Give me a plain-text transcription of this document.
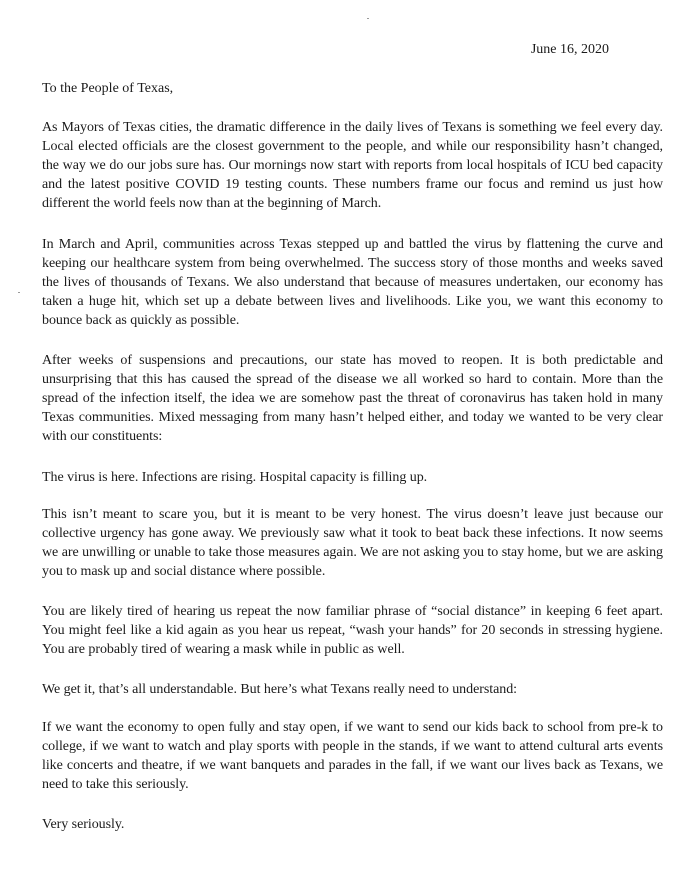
June 16, 2020

To the People of Texas,

As Mayors of Texas cities, the dramatic difference in the daily lives of Texans is something we feel every day. Local elected officials are the closest government to the people, and while our responsibility hasn’t changed, the way we do our jobs sure has. Our mornings now start with reports from local hospitals of ICU bed capacity and the latest positive COVID 19 testing counts. These numbers frame our focus and remind us just how different the world feels now than at the beginning of March.

In March and April, communities across Texas stepped up and battled the virus by flattening the curve and keeping our healthcare system from being overwhelmed. The success story of those months and weeks saved the lives of thousands of Texans. We also understand that because of measures undertaken, our economy has taken a huge hit, which set up a debate between lives and livelihoods. Like you, we want this economy to bounce back as quickly as possible.

After weeks of suspensions and precautions, our state has moved to reopen. It is both predictable and unsurprising that this has caused the spread of the disease we all worked so hard to contain. More than the spread of the infection itself, the idea we are somehow past the threat of coronavirus has taken hold in many Texas communities. Mixed messaging from many hasn’t helped either, and today we wanted to be very clear with our constituents:

The virus is here. Infections are rising. Hospital capacity is filling up.

This isn’t meant to scare you, but it is meant to be very honest. The virus doesn’t leave just because our collective urgency has gone away. We previously saw what it took to beat back these infections. It now seems we are unwilling or unable to take those measures again. We are not asking you to stay home, but we are asking you to mask up and social distance where possible.

You are likely tired of hearing us repeat the now familiar phrase of “social distance” in keeping 6 feet apart. You might feel like a kid again as you hear us repeat, “wash your hands” for 20 seconds in stressing hygiene. You are probably tired of wearing a mask while in public as well.

We get it, that’s all understandable. But here’s what Texans really need to understand:

If we want the economy to open fully and stay open, if we want to send our kids back to school from pre-k to college, if we want to watch and play sports with people in the stands, if we want to attend cultural arts events like concerts and theatre, if we want banquets and parades in the fall, if we want our lives back as Texans, we need to take this seriously.

Very seriously.
